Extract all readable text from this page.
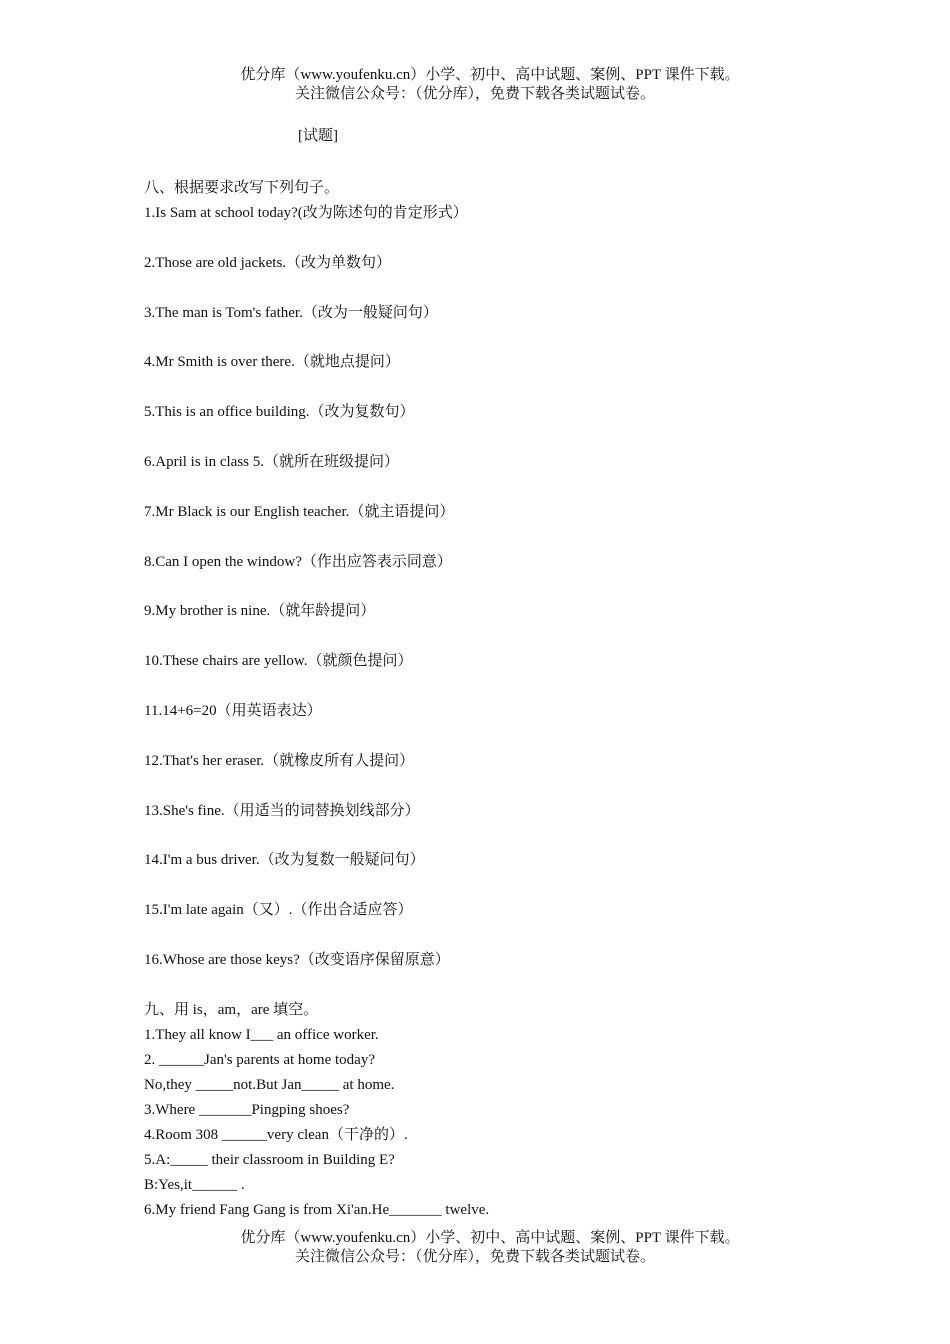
优分库（www.youfenku.cn）小学、初中、高中试题、案例、PPT 课件下载。
关注微信公众号：（优分库），免费下载各类试题试卷。
[试题]
八、根据要求改写下列句子。
1.Is Sam at school today?(改为陈述句的肯定形式）
2.Those are old jackets.（改为单数句）
3.The man is Tom's father.（改为一般疑问句）
4.Mr Smith is over there.（就地点提问）
5.This is an office building.（改为复数句）
6.April is in class 5.（就所在班级提问）
7.Mr Black is our English teacher.（就主语提问）
8.Can I open the window?（作出应答表示同意）
9.My brother is nine.（就年龄提问）
10.These chairs are yellow.（就颜色提问）
11.14+6=20（用英语表达）
12.That's her eraser.（就橡皮所有人提问）
13.She's fine.（用适当的词替换划线部分）
14.I'm a bus driver.（改为复数一般疑问句）
15.I'm late again（又）.（作出合适应答）
16.Whose are those keys?（改变语序保留原意）
九、用 is，am，are 填空。
1.They all know I___ an office worker.
2. ______Jan's parents at home today?
No,they _____not.But Jan_____ at home.
3.Where _______Pingping shoes?
4.Room 308 ______very clean（干净的）.
5.A:_____ their classroom in Building E?
B:Yes,it______ .
6.My friend Fang Gang is from Xi'an.He_______ twelve.
优分库（www.youfenku.cn）小学、初中、高中试题、案例、PPT 课件下载。
关注微信公众号：（优分库），免费下载各类试题试卷。
